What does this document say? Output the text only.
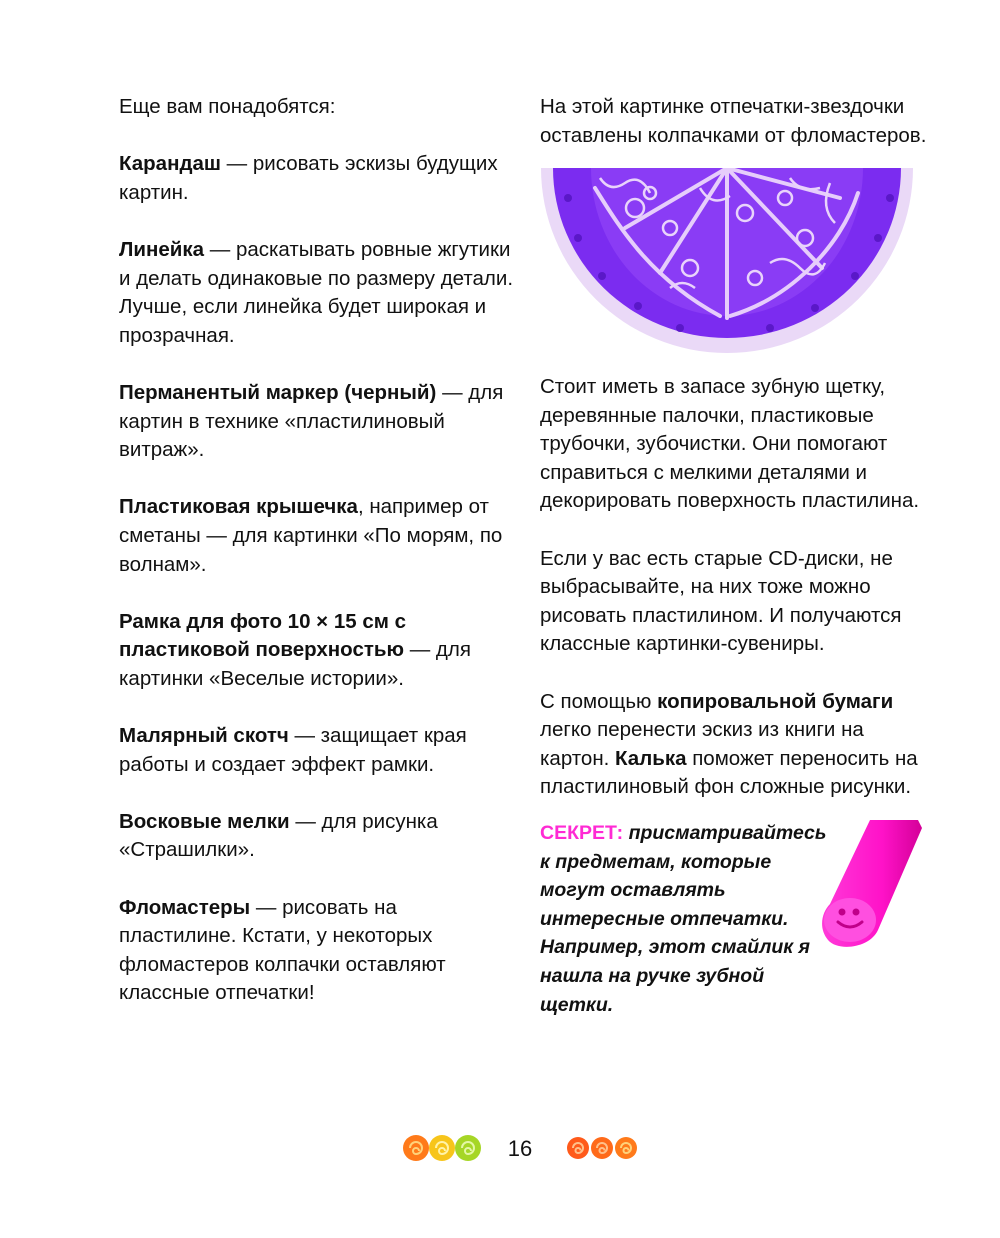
Еще вам понадобятся:

Карандаш — рисовать эскизы будущих картин.

Линейка — раскатывать ровные жгутики и делать одинаковые по размеру детали. Лучше, если линейка будет широкая и прозрачная.

Перманентый маркер (черный) — для картин в технике «пластилиновый витраж».

Пластиковая крышечка, например от сметаны — для картинки «По морям, по волнам».

Рамка для фото 10 × 15 см с пластиковой поверхностью — для картинки «Веселые истории».

Малярный скотч — защищает края работы и создает эффект рамки.

Восковые мелки — для рисунка «Страшилки».

Фломастеры — рисовать на пластилине. Кстати, у некоторых фломастеров колпачки оставляют классные отпечатки!

На этой картинке отпечатки-звездочки оставлены колпачками от фломастеров.

Стоит иметь в запасе зубную щетку, деревянные палочки, пластиковые трубочки, зубочистки. Они помогают справиться с мелкими деталями и декорировать поверхность пластилина.

Если у вас есть старые CD-диски, не выбрасывайте, на них тоже можно рисовать пластилином. И получаются классные картинки-сувениры.

С помощью копировальной бумаги легко перенести эскиз из книги на картон. Калька поможет переносить на пластилиновый фон сложные рисунки.

СЕКРЕТ: присматривайтесь к предметам, которые могут оставлять интересные отпечатки. Например, этот смайлик я нашла на ручке зубной щетки.
16
